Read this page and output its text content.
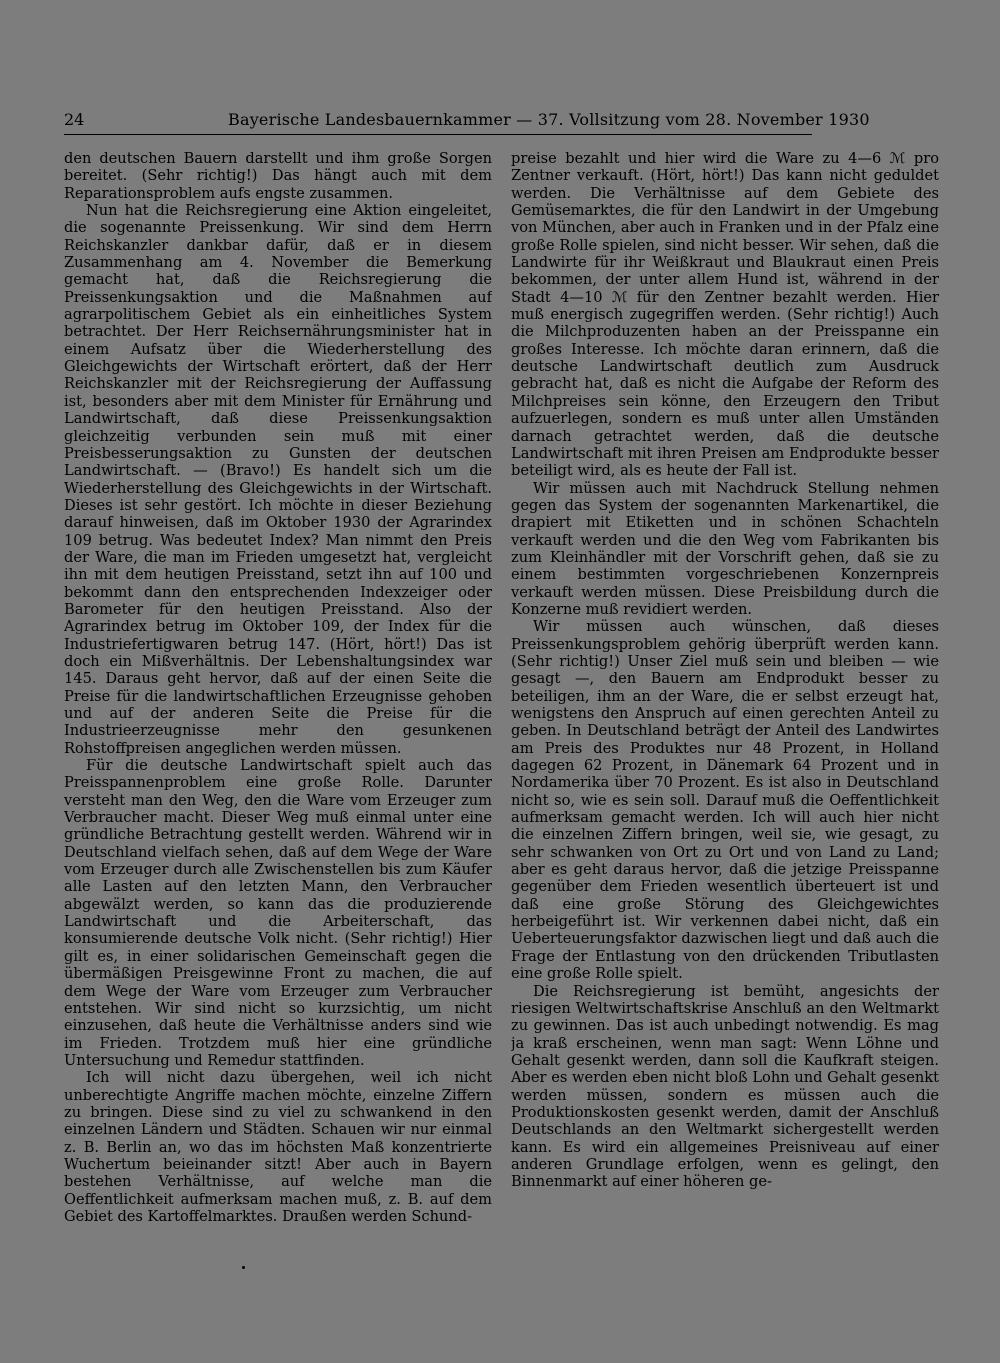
24	Bayerische Landesbauernkammer — 37. Vollsitzung vom 28. November 1930

den deutschen Bauern darstellt und ihm große Sorgen bereitet. (Sehr richtig!) Das hängt auch mit dem Reparationsproblem aufs engste zusammen.

Nun hat die Reichsregierung eine Aktion eingeleitet, die sogenannte Preissenkung. Wir sind dem Herrn Reichskanzler dankbar dafür, daß er in diesem Zusammenhang am 4. November die Bemerkung gemacht hat, daß die Reichsregierung die Preissenkungsaktion und die Maßnahmen auf agrarpolitischem Gebiet als ein einheitliches System betrachtet. Der Herr Reichsernährungsminister hat in einem Aufsatz über die Wiederherstellung des Gleichgewichts der Wirtschaft erörtert, daß der Herr Reichskanzler mit der Reichsregierung der Auffassung ist, besonders aber mit dem Minister für Ernährung und Landwirtschaft, daß diese Preissenkungsaktion gleichzeitig verbunden sein muß mit einer Preisbesserungsaktion zu Gunsten der deutschen Landwirtschaft. — (Bravo!) Es handelt sich um die Wiederherstellung des Gleichgewichts in der Wirtschaft. Dieses ist sehr gestört. Ich möchte in dieser Beziehung darauf hinweisen, daß im Oktober 1930 der Agrarindex 109 betrug. Was bedeutet Index? Man nimmt den Preis der Ware, die man im Frieden umgesetzt hat, vergleicht ihn mit dem heutigen Preisstand, setzt ihn auf 100 und bekommt dann den entsprechenden Indexzeiger oder Barometer für den heutigen Preisstand. Also der Agrarindex betrug im Oktober 109, der Index für die Industriefertigwaren betrug 147. (Hört, hört!) Das ist doch ein Mißverhältnis. Der Lebenshaltungsindex war 145. Daraus geht hervor, daß auf der einen Seite die Preise für die landwirtschaftlichen Erzeugnisse gehoben und auf der anderen Seite die Preise für die Industrieerzeugnisse mehr den gesunkenen Rohstoffpreisen angeglichen werden müssen.

Für die deutsche Landwirtschaft spielt auch das Preisspannenproblem eine große Rolle. Darunter versteht man den Weg, den die Ware vom Erzeuger zum Verbraucher macht. Dieser Weg muß einmal unter eine gründliche Betrachtung gestellt werden. Während wir in Deutschland vielfach sehen, daß auf dem Wege der Ware vom Erzeuger durch alle Zwischenstellen bis zum Käufer alle Lasten auf den letzten Mann, den Verbraucher abgewälzt werden, so kann das die produzierende Landwirtschaft und die Arbeiterschaft, das konsumierende deutsche Volk nicht. (Sehr richtig!) Hier gilt es, in einer solidarischen Gemeinschaft gegen die übermäßigen Preisgewinne Front zu machen, die auf dem Wege der Ware vom Erzeuger zum Verbraucher entstehen. Wir sind nicht so kurzsichtig, um nicht einzusehen, daß heute die Verhältnisse anders sind wie im Frieden. Trotzdem muß hier eine gründliche Untersuchung und Remedur stattfinden.

Ich will nicht dazu übergehen, weil ich nicht unberechtigte Angriffe machen möchte, einzelne Ziffern zu bringen. Diese sind zu viel zu schwankend in den einzelnen Ländern und Städten. Schauen wir nur einmal z. B. Berlin an, wo das im höchsten Maß konzentrierte Wuchertum beieinander sitzt! Aber auch in Bayern bestehen Verhältnisse, auf welche man die Oeffentlichkeit aufmerksam machen muß, z. B. auf dem Gebiet des Kartoffelmarktes. Draußen werden Schund-

preise bezahlt und hier wird die Ware zu 4—6 ℳ pro Zentner verkauft. (Hört, hört!) Das kann nicht geduldet werden. Die Verhältnisse auf dem Gebiete des Gemüsemarktes, die für den Landwirt in der Umgebung von München, aber auch in Franken und in der Pfalz eine große Rolle spielen, sind nicht besser. Wir sehen, daß die Landwirte für ihr Weißkraut und Blaukraut einen Preis bekommen, der unter allem Hund ist, während in der Stadt 4—10 ℳ für den Zentner bezahlt werden. Hier muß energisch zugegriffen werden. (Sehr richtig!) Auch die Milchproduzenten haben an der Preisspanne ein großes Interesse. Ich möchte daran erinnern, daß die deutsche Landwirtschaft deutlich zum Ausdruck gebracht hat, daß es nicht die Aufgabe der Reform des Milchpreises sein könne, den Erzeugern den Tribut aufzuerlegen, sondern es muß unter allen Umständen darnach getrachtet werden, daß die deutsche Landwirtschaft mit ihren Preisen am Endprodukte besser beteiligt wird, als es heute der Fall ist.

Wir müssen auch mit Nachdruck Stellung nehmen gegen das System der sogenannten Markenartikel, die drapiert mit Etiketten und in schönen Schachteln verkauft werden und die den Weg vom Fabrikanten bis zum Kleinhändler mit der Vorschrift gehen, daß sie zu einem bestimmten vorgeschriebenen Konzernpreis verkauft werden müssen. Diese Preisbildung durch die Konzerne muß revidiert werden.

Wir müssen auch wünschen, daß dieses Preissenkungsproblem gehörig überprüft werden kann. (Sehr richtig!) Unser Ziel muß sein und bleiben — wie gesagt —, den Bauern am Endprodukt besser zu beteiligen, ihm an der Ware, die er selbst erzeugt hat, wenigstens den Anspruch auf einen gerechten Anteil zu geben. In Deutschland beträgt der Anteil des Landwirtes am Preis des Produktes nur 48 Prozent, in Holland dagegen 62 Prozent, in Dänemark 64 Prozent und in Nordamerika über 70 Prozent. Es ist also in Deutschland nicht so, wie es sein soll. Darauf muß die Oeffentlichkeit aufmerksam gemacht werden. Ich will auch hier nicht die einzelnen Ziffern bringen, weil sie, wie gesagt, zu sehr schwanken von Ort zu Ort und von Land zu Land; aber es geht daraus hervor, daß die jetzige Preisspanne gegenüber dem Frieden wesentlich überteuert ist und daß eine große Störung des Gleichgewichtes herbeigeführt ist. Wir verkennen dabei nicht, daß ein Ueberteuerungsfaktor dazwischen liegt und daß auch die Frage der Entlastung von den drückenden Tributlasten eine große Rolle spielt.

Die Reichsregierung ist bemüht, angesichts der riesigen Weltwirtschaftskrise Anschluß an den Weltmarkt zu gewinnen. Das ist auch unbedingt notwendig. Es mag ja kraß erscheinen, wenn man sagt: Wenn Löhne und Gehalt gesenkt werden, dann soll die Kaufkraft steigen. Aber es werden eben nicht bloß Lohn und Gehalt gesenkt werden müssen, sondern es müssen auch die Produktionskosten gesenkt werden, damit der Anschluß Deutschlands an den Weltmarkt sichergestellt werden kann. Es wird ein allgemeines Preisniveau auf einer anderen Grundlage erfolgen, wenn es gelingt, den Binnenmarkt auf einer höheren ge-
